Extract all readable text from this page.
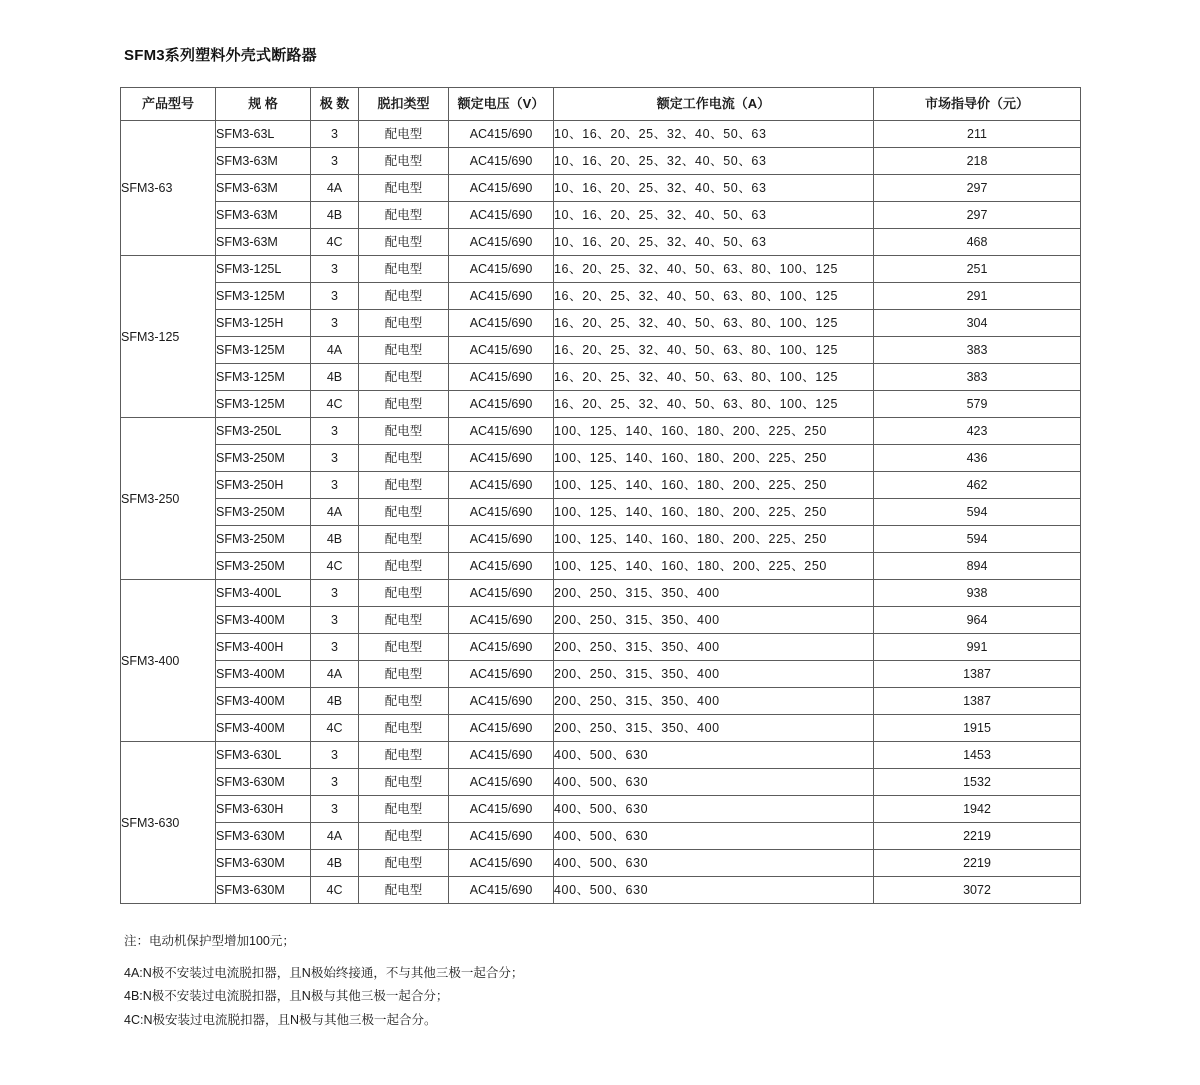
SFM3系列塑料外壳式断路器
产品型号	规 格	极 数	脱扣类型	额定电压（V）	额定工作电流（A）	市场指导价（元）
SFM3-63	SFM3-63L	3	配电型	AC415/690	10、16、20、25、32、40、50、63	211
	SFM3-63M	3	配电型	AC415/690	10、16、20、25、32、40、50、63	218
	SFM3-63M	4A	配电型	AC415/690	10、16、20、25、32、40、50、63	297
	SFM3-63M	4B	配电型	AC415/690	10、16、20、25、32、40、50、63	297
	SFM3-63M	4C	配电型	AC415/690	10、16、20、25、32、40、50、63	468
SFM3-125	SFM3-125L	3	配电型	AC415/690	16、20、25、32、40、50、63、80、100、125	251
	SFM3-125M	3	配电型	AC415/690	16、20、25、32、40、50、63、80、100、125	291
	SFM3-125H	3	配电型	AC415/690	16、20、25、32、40、50、63、80、100、125	304
	SFM3-125M	4A	配电型	AC415/690	16、20、25、32、40、50、63、80、100、125	383
	SFM3-125M	4B	配电型	AC415/690	16、20、25、32、40、50、63、80、100、125	383
	SFM3-125M	4C	配电型	AC415/690	16、20、25、32、40、50、63、80、100、125	579
SFM3-250	SFM3-250L	3	配电型	AC415/690	100、125、140、160、180、200、225、250	423
	SFM3-250M	3	配电型	AC415/690	100、125、140、160、180、200、225、250	436
	SFM3-250H	3	配电型	AC415/690	100、125、140、160、180、200、225、250	462
	SFM3-250M	4A	配电型	AC415/690	100、125、140、160、180、200、225、250	594
	SFM3-250M	4B	配电型	AC415/690	100、125、140、160、180、200、225、250	594
	SFM3-250M	4C	配电型	AC415/690	100、125、140、160、180、200、225、250	894
SFM3-400	SFM3-400L	3	配电型	AC415/690	200、250、315、350、400	938
	SFM3-400M	3	配电型	AC415/690	200、250、315、350、400	964
	SFM3-400H	3	配电型	AC415/690	200、250、315、350、400	991
	SFM3-400M	4A	配电型	AC415/690	200、250、315、350、400	1387
	SFM3-400M	4B	配电型	AC415/690	200、250、315、350、400	1387
	SFM3-400M	4C	配电型	AC415/690	200、250、315、350、400	1915
SFM3-630	SFM3-630L	3	配电型	AC415/690	400、500、630	1453
	SFM3-630M	3	配电型	AC415/690	400、500、630	1532
	SFM3-630H	3	配电型	AC415/690	400、500、630	1942
	SFM3-630M	4A	配电型	AC415/690	400、500、630	2219
	SFM3-630M	4B	配电型	AC415/690	400、500、630	2219
	SFM3-630M	4C	配电型	AC415/690	400、500、630	3072

注：电动机保护型增加100元；

4A:N极不安装过电流脱扣器，且N极始终接通，不与其他三极一起合分；

4B:N极不安装过电流脱扣器，且N极与其他三极一起合分；

4C:N极安装过电流脱扣器，且N极与其他三极一起合分。
